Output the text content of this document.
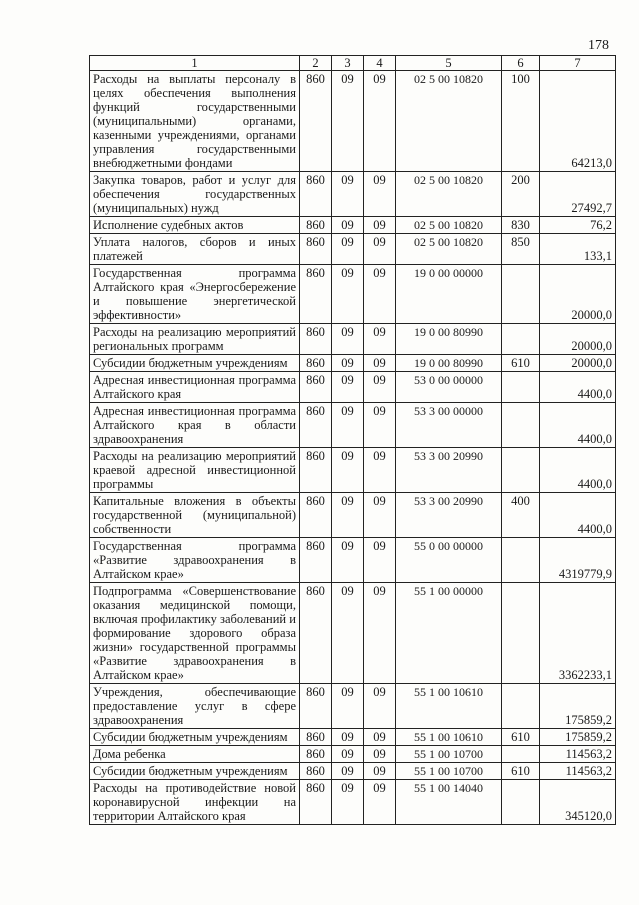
178
1	2	3	4	5	6	7
Расходы на выплаты персоналу в целях обеспечения выполнения функций государственными (муниципальными) органами, казенными учреждениями, органами управления государственными внебюджетными фондами	860	09	09	02 5 00 10820	100	64213,0
Закупка товаров, работ и услуг для обеспечения государственных (муниципальных) нужд	860	09	09	02 5 00 10820	200	27492,7
Исполнение судебных актов	860	09	09	02 5 00 10820	830	76,2
Уплата налогов, сборов и иных платежей	860	09	09	02 5 00 10820	850	133,1
Государственная программа Алтайского края «Энергосбережение и повышение энергетической эффективности»	860	09	09	19 0 00 00000		20000,0
Расходы на реализацию мероприятий региональных программ	860	09	09	19 0 00 80990		20000,0
Субсидии бюджетным учреждениям	860	09	09	19 0 00 80990	610	20000,0
Адресная инвестиционная программа Алтайского края	860	09	09	53 0 00 00000		4400,0
Адресная инвестиционная программа Алтайского края в области здравоохранения	860	09	09	53 3 00 00000		4400,0
Расходы на реализацию мероприятий краевой адресной инвестиционной программы	860	09	09	53 3 00 20990		4400,0
Капитальные вложения в объекты государственной (муниципальной) собственности	860	09	09	53 3 00 20990	400	4400,0
Государственная программа «Развитие здравоохранения в Алтайском крае»	860	09	09	55 0 00 00000		4319779,9
Подпрограмма «Совершенствование оказания медицинской помощи, включая профилактику заболеваний и формирование здорового образа жизни» государственной программы «Развитие здравоохранения в Алтайском крае»	860	09	09	55 1 00 00000		3362233,1
Учреждения, обеспечивающие предоставление услуг в сфере здравоохранения	860	09	09	55 1 00 10610		175859,2
Субсидии бюджетным учреждениям	860	09	09	55 1 00 10610	610	175859,2
Дома ребенка	860	09	09	55 1 00 10700		114563,2
Субсидии бюджетным учреждениям	860	09	09	55 1 00 10700	610	114563,2
Расходы на противодействие новой коронавирусной инфекции на территории Алтайского края	860	09	09	55 1 00 14040		345120,0
